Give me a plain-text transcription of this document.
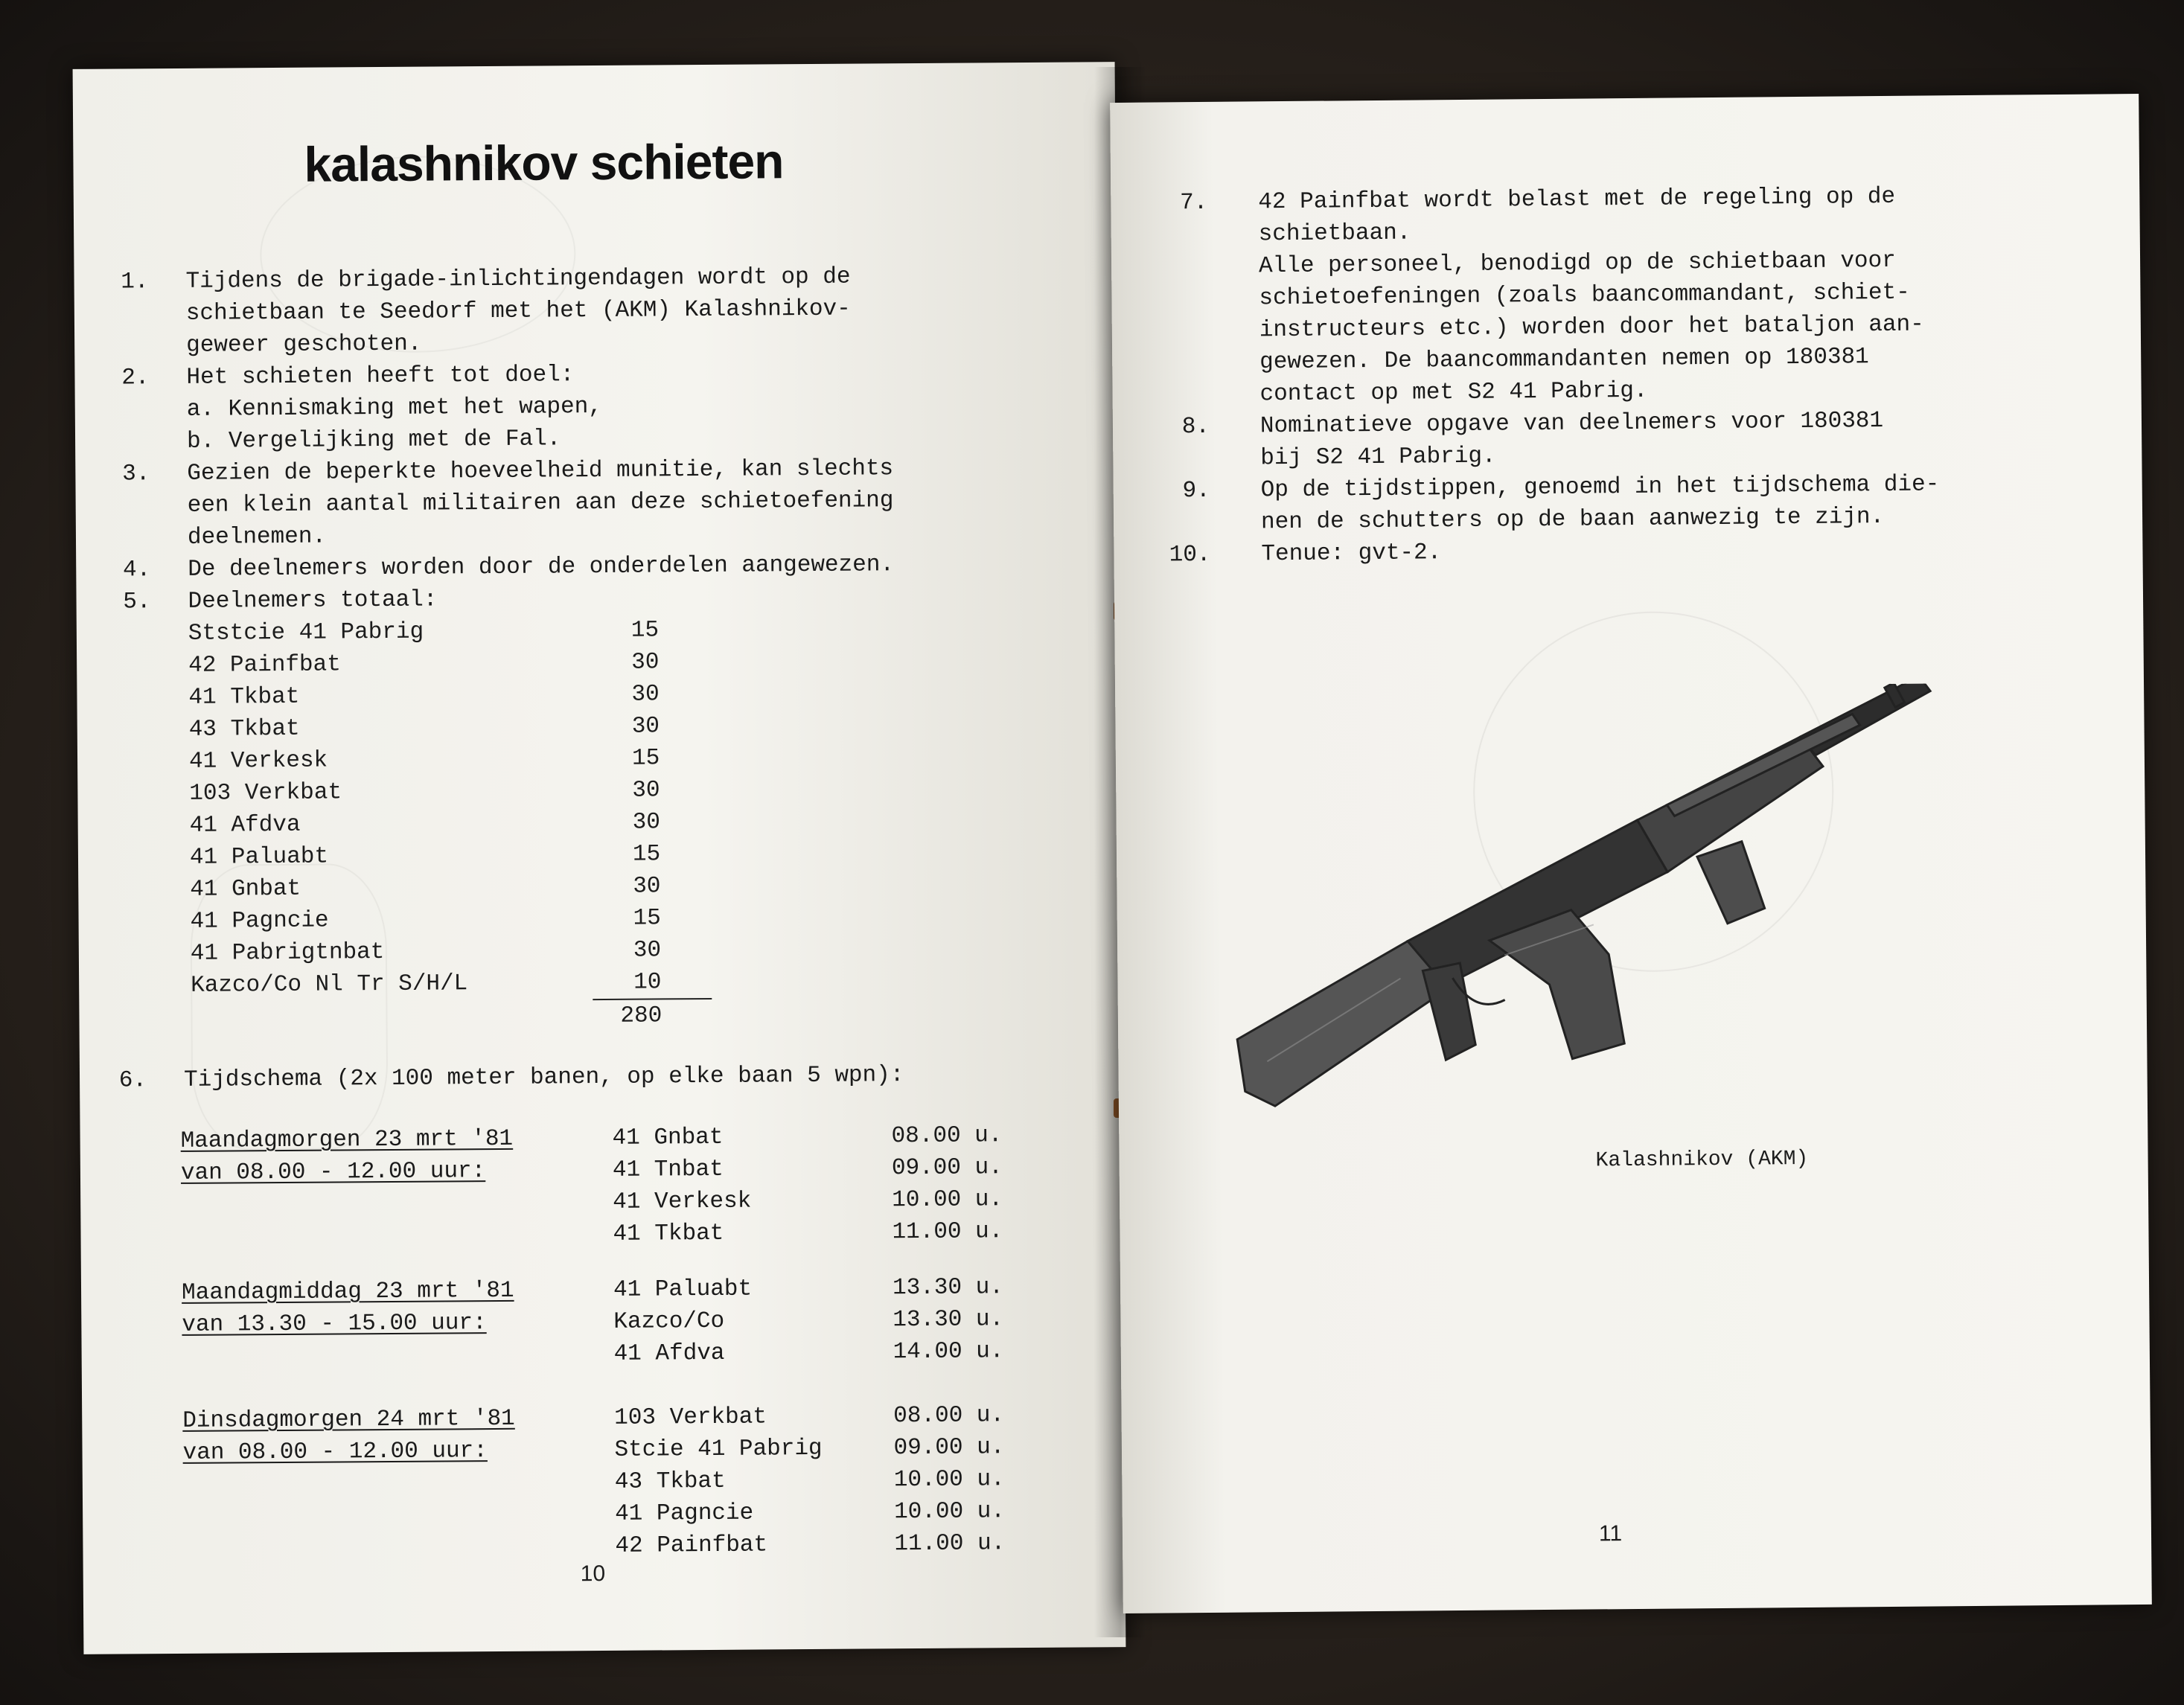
kalashnikov schieten
1. Tijdens de brigade-inlichtingendagen wordt op de
schietbaan te Seedorf met het (AKM) Kalashnikov-
geweer geschoten.
2. Het schieten heeft tot doel:
a. Kennismaking met het wapen,
b. Vergelijking met de Fal.
3. Gezien de beperkte hoeveelheid munitie, kan slechts
een klein aantal militairen aan deze schietoefening
deelnemen.
4. De deelnemers worden door de onderdelen aangewezen.
5. Deelnemers totaal:
Ststcie 41 Pabrig	15
42 Painfbat	30
41 Tkbat	30
43 Tkbat	30
41 Verkesk	15
103 Verkbat	30
41 Afdva	30
41 Paluabt	15
41 Gnbat	30
41 Pagncie	15
41 Pabrigtnbat	30
Kazco/Co Nl Tr S/H/L	10
280
6. Tijdschema (2x 100 meter banen, op elke baan 5 wpn):
Maandagmorgen 23 mrt '81
van 08.00 - 12.00 uur:
41 Gnbat	08.00 u.
41 Tnbat	09.00 u.
41 Verkesk	10.00 u.
41 Tkbat	11.00 u.
Maandagmiddag 23 mrt '81
van 13.30 - 15.00 uur:
41 Paluabt	13.30 u.
Kazco/Co	13.30 u.
41 Afdva	14.00 u.
Dinsdagmorgen 24 mrt '81
van 08.00 - 12.00 uur:
103 Verkbat	08.00 u.
Stcie 41 Pabrig	09.00 u.
43 Tkbat	10.00 u.
41 Pagncie	10.00 u.
42 Painfbat	11.00 u.
10
7. 42 Painfbat wordt belast met de regeling op de
schietbaan.
Alle personeel, benodigd op de schietbaan voor
schietoefeningen (zoals baancommandant, schiet-
instructeurs etc.) worden door het bataljon aan-
gewezen. De baancommandanten nemen op 180381
contact op met S2 41 Pabrig.
8. Nominatieve opgave van deelnemers voor 180381
bij S2 41 Pabrig.
9. Op de tijdstippen, genoemd in het tijdschema die-
nen de schutters op de baan aanwezig te zijn.
10. Tenue: gvt-2.
Kalashnikov (AKM)
11
